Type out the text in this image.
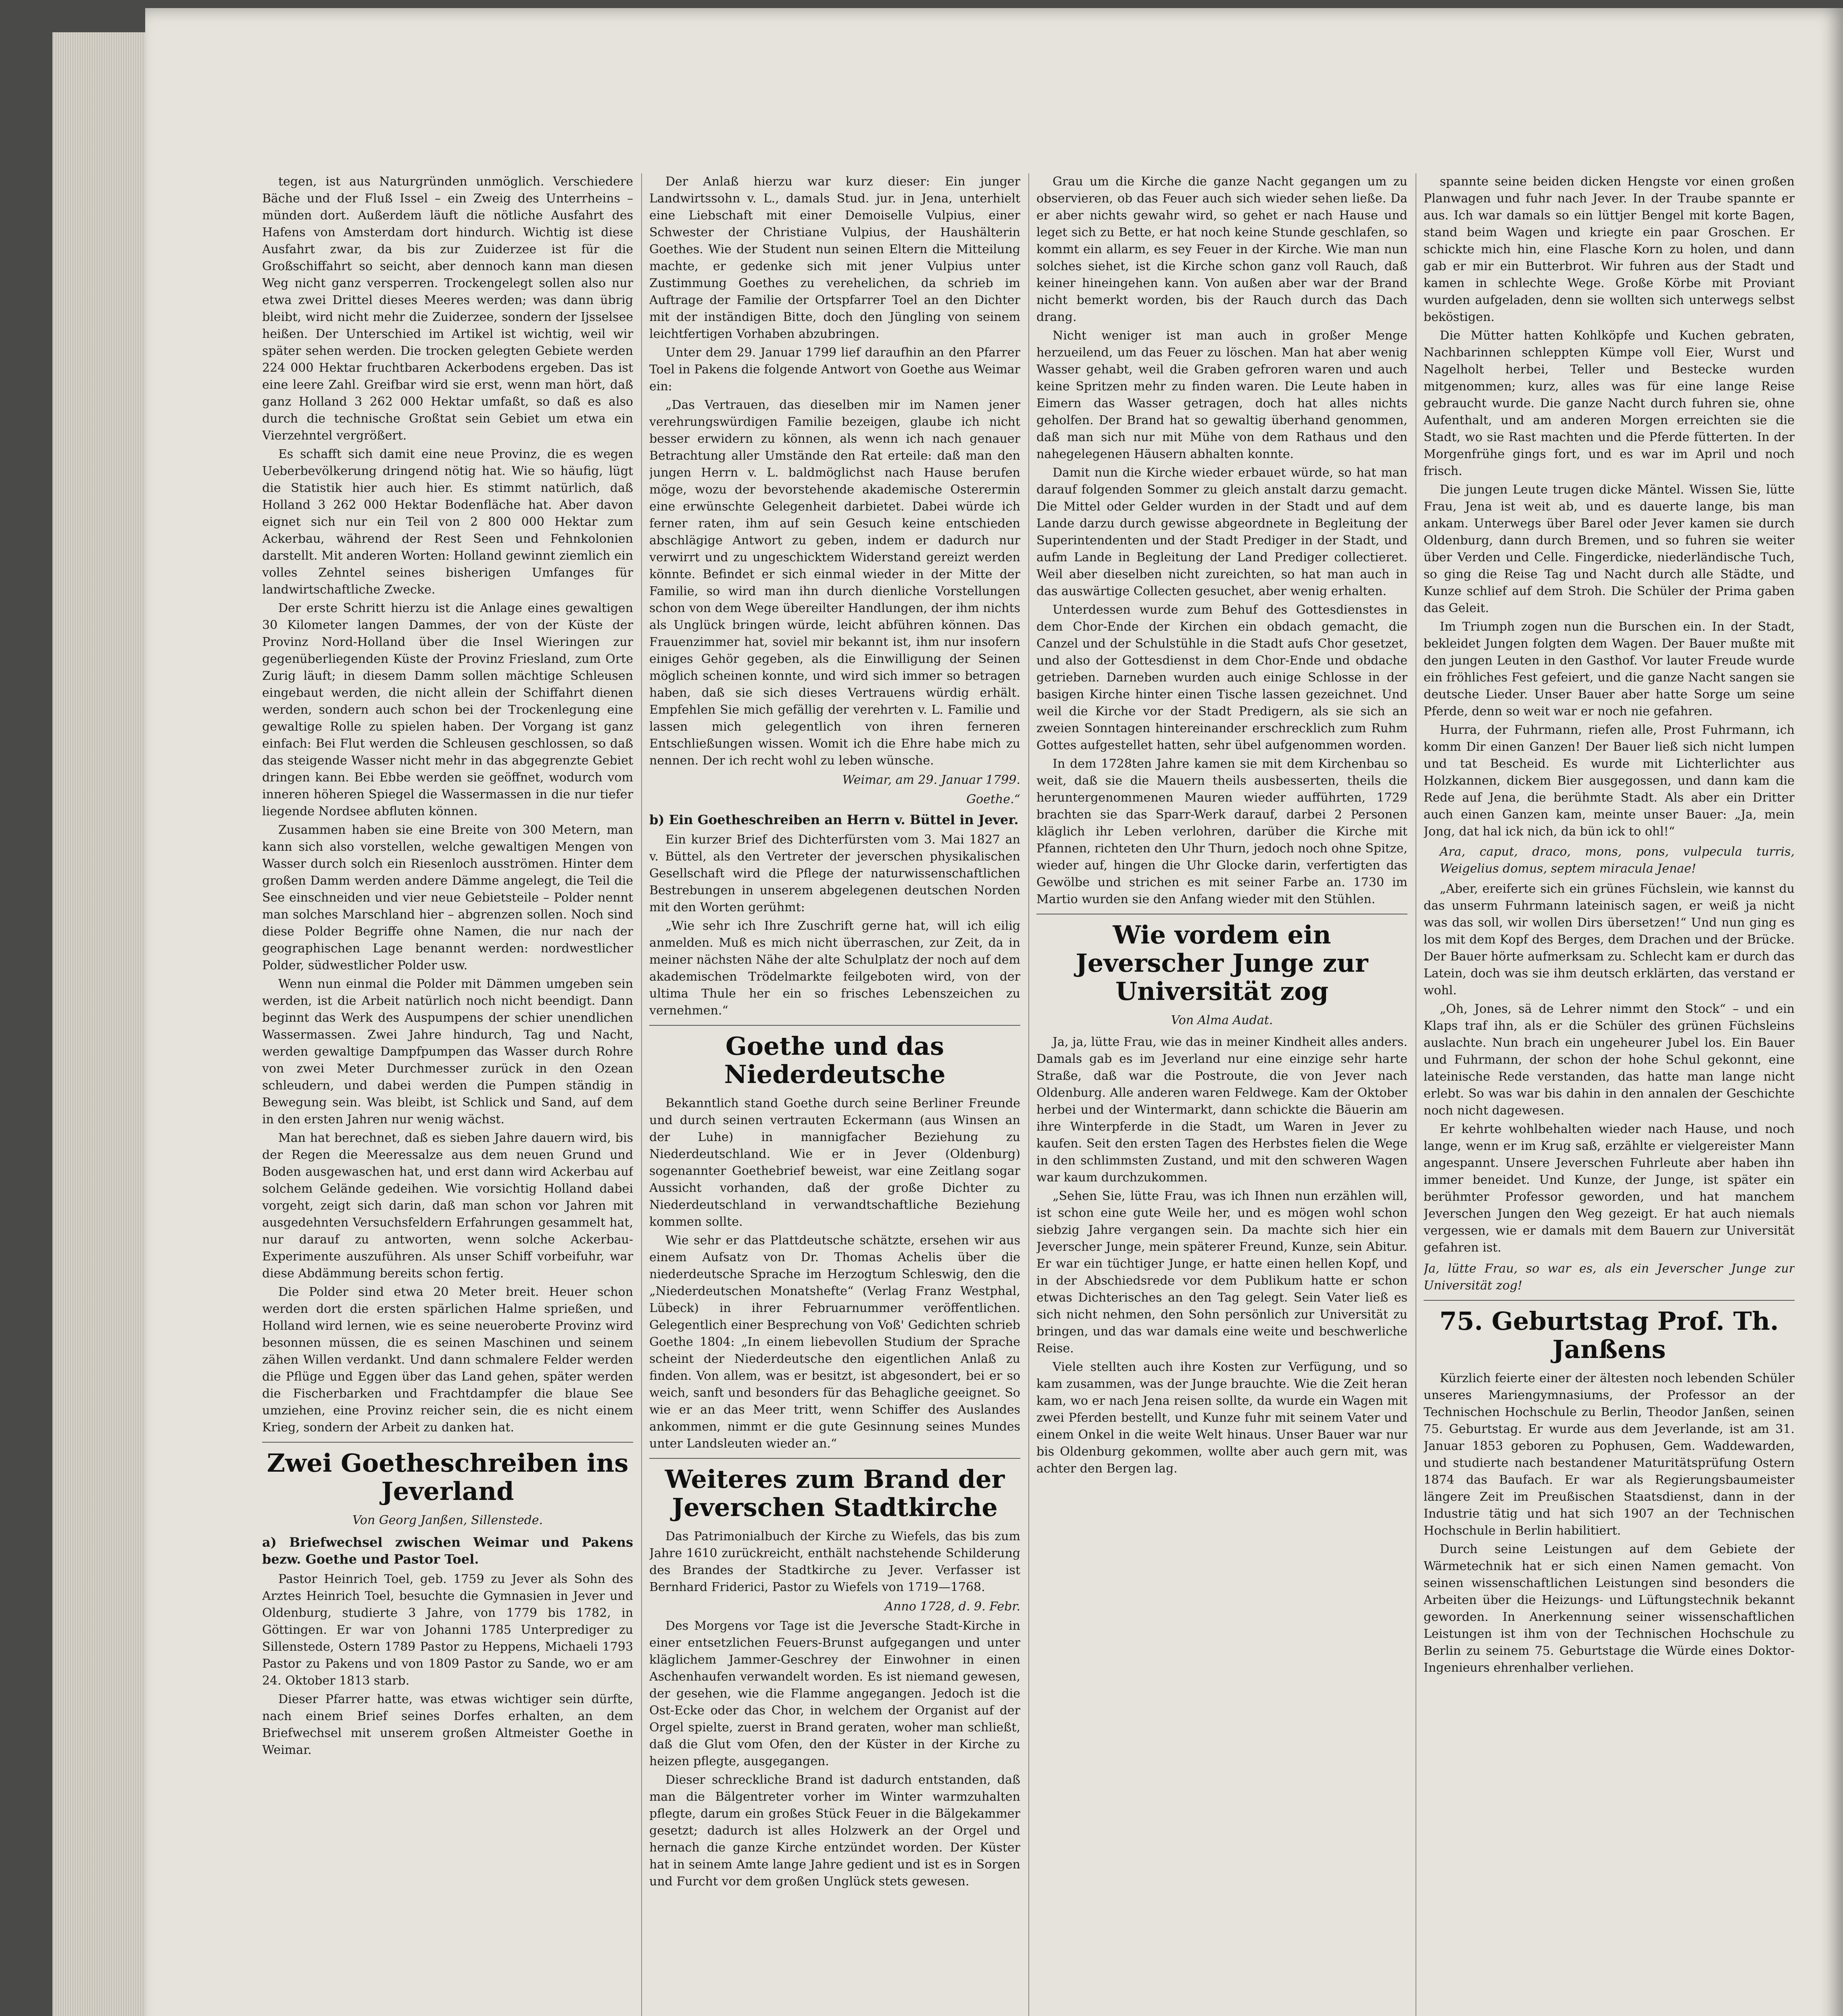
tegen, ist aus Naturgründen unmöglich. Verschiedere Bäche und der Fluß Issel – ein Zweig des Unterrheins – münden dort. Außerdem läuft die nötliche Ausfahrt des Hafens von Amsterdam dort hindurch. Wichtig ist diese Ausfahrt zwar, da bis zur Zuiderzee ist für die Großschiffahrt so seicht, aber dennoch kann man diesen Weg nicht ganz versperren. Trockengelegt sollen also nur etwa zwei Drittel dieses Meeres werden; was dann übrig bleibt, wird nicht mehr die Zuiderzee, sondern der Ijsselsee heißen. Der Unterschied im Artikel ist wichtig, weil wir später sehen werden. Die trocken gelegten Gebiete werden 224 000 Hektar fruchtbaren Ackerbodens ergeben. Das ist eine leere Zahl. Greifbar wird sie erst, wenn man hört, daß ganz Holland 3 262 000 Hektar umfaßt, so daß es also durch die technische Großtat sein Gebiet um etwa ein Vierzehntel vergrößert.

Es schafft sich damit eine neue Provinz, die es wegen Ueberbevölkerung dringend nötig hat. Wie so häufig, lügt die Statistik hier auch hier. Es stimmt natürlich, daß Holland 3 262 000 Hektar Bodenfläche hat. Aber davon eignet sich nur ein Teil von 2 800 000 Hektar zum Ackerbau, während der Rest Seen und Fehnkolonien darstellt. Mit anderen Worten: Holland gewinnt ziemlich ein volles Zehntel seines bisherigen Umfanges für landwirtschaftliche Zwecke.

Der erste Schritt hierzu ist die Anlage eines gewaltigen 30 Kilometer langen Dammes, der von der Küste der Provinz Nord-Holland über die Insel Wieringen zur gegenüberliegenden Küste der Provinz Friesland, zum Orte Zurig läuft; in diesem Damm sollen mächtige Schleusen eingebaut werden, die nicht allein der Schiffahrt dienen werden, sondern auch schon bei der Trockenlegung eine gewaltige Rolle zu spielen haben. Der Vorgang ist ganz einfach: Bei Flut werden die Schleusen geschlossen, so daß das steigende Wasser nicht mehr in das abgegrenzte Gebiet dringen kann. Bei Ebbe werden sie geöffnet, wodurch vom inneren höheren Spiegel die Wassermassen in die nur tiefer liegende Nordsee abfluten können.

Zusammen haben sie eine Breite von 300 Metern, man kann sich also vorstellen, welche gewaltigen Mengen von Wasser durch solch ein Riesenloch ausströmen. Hinter dem großen Damm werden andere Dämme angelegt, die Teil die See einschneiden und vier neue Gebietsteile – Polder nennt man solches Marschland hier – abgrenzen sollen. Noch sind diese Polder Begriffe ohne Namen, die nur nach der geographischen Lage benannt werden: nordwestlicher Polder, südwestlicher Polder usw.

Wenn nun einmal die Polder mit Dämmen umgeben sein werden, ist die Arbeit natürlich noch nicht beendigt. Dann beginnt das Werk des Auspumpens der schier unendlichen Wassermassen. Zwei Jahre hindurch, Tag und Nacht, werden gewaltige Dampfpumpen das Wasser durch Rohre von zwei Meter Durchmesser zurück in den Ozean schleudern, und dabei werden die Pumpen ständig in Bewegung sein. Was bleibt, ist Schlick und Sand, auf dem in den ersten Jahren nur wenig wächst.

Man hat berechnet, daß es sieben Jahre dauern wird, bis der Regen die Meeressalze aus dem neuen Grund und Boden ausgewaschen hat, und erst dann wird Ackerbau auf solchem Gelände gedeihen. Wie vorsichtig Holland dabei vorgeht, zeigt sich darin, daß man schon vor Jahren mit ausgedehnten Versuchsfeldern Erfahrungen gesammelt hat, nur darauf zu antworten, wenn solche Ackerbau-Experimente auszuführen. Als unser Schiff vorbeifuhr, war diese Abdämmung bereits schon fertig.

Die Polder sind etwa 20 Meter breit. Heuer schon werden dort die ersten spärlichen Halme sprießen, und Holland wird lernen, wie es seine neueroberte Provinz wird besonnen müssen, die es seinen Maschinen und seinem zähen Willen verdankt. Und dann schmalere Felder werden die Pflüge und Eggen über das Land gehen, später werden die Fischerbarken und Frachtdampfer die blaue See umziehen, eine Provinz reicher sein, die es nicht einem Krieg, sondern der Arbeit zu danken hat.

Zwei Goetheschreiben ins Jeverland
Von Georg Janßen, Sillenstede.
a) Briefwechsel zwischen Weimar und Pakens bezw. Goethe und Pastor Toel.

Pastor Heinrich Toel, geb. 1759 zu Jever als Sohn des Arztes Heinrich Toel, besuchte die Gymnasien in Jever und Oldenburg, studierte 3 Jahre, von 1779 bis 1782, in Göttingen. Er war von Johanni 1785 Unterprediger zu Sillenstede, Ostern 1789 Pastor zu Heppens, Michaeli 1793 Pastor zu Pakens und von 1809 Pastor zu Sande, wo er am 24. Oktober 1813 starb.

Dieser Pfarrer hatte, was etwas wichtiger sein dürfte, nach einem Brief seines Dorfes erhalten, an dem Briefwechsel mit unserem großen Altmeister Goethe in Weimar.

Der Anlaß hierzu war kurz dieser: Ein junger Landwirtssohn v. L., damals Stud. jur. in Jena, unterhielt eine Liebschaft mit einer Demoiselle Vulpius, einer Schwester der Christiane Vulpius, der Haushälterin Goethes. Wie der Student nun seinen Eltern die Mitteilung machte, er gedenke sich mit jener Vulpius unter Zustimmung Goethes zu verehelichen, da schrieb im Auftrage der Familie der Ortspfarrer Toel an den Dichter mit der inständigen Bitte, doch den Jüngling von seinem leichtfertigen Vorhaben abzubringen.

Unter dem 29. Januar 1799 lief daraufhin an den Pfarrer Toel in Pakens die folgende Antwort von Goethe aus Weimar ein:

„Das Vertrauen, das dieselben mir im Namen jener verehrungswürdigen Familie bezeigen, glaube ich nicht besser erwidern zu können, als wenn ich nach genauer Betrachtung aller Umstände den Rat erteile: daß man den jungen Herrn v. L. baldmöglichst nach Hause berufen möge, wozu der bevorstehende akademische Osterermin eine erwünschte Gelegenheit darbietet. Dabei würde ich ferner raten, ihm auf sein Gesuch keine entschieden abschlägige Antwort zu geben, indem er dadurch nur verwirrt und zu ungeschicktem Widerstand gereizt werden könnte. Befindet er sich einmal wieder in der Mitte der Familie, so wird man ihn durch dienliche Vorstellungen schon von dem Wege übereilter Handlungen, der ihm nichts als Unglück bringen würde, leicht abführen können. Das Frauenzimmer hat, soviel mir bekannt ist, ihm nur insofern einiges Gehör gegeben, als die Einwilligung der Seinen möglich scheinen konnte, und wird sich immer so betragen haben, daß sie sich dieses Vertrauens würdig erhält. Empfehlen Sie mich gefällig der verehrten v. L. Familie und lassen mich gelegentlich von ihren ferneren Entschließungen wissen. Womit ich die Ehre habe mich zu nennen. Der ich recht wohl zu leben wünsche.

Weimar, am 29. Januar 1799.
Goethe.“
b) Ein Goetheschreiben an Herrn v. Büttel in Jever.

Ein kurzer Brief des Dichterfürsten vom 3. Mai 1827 an v. Büttel, als den Vertreter der jeverschen physikalischen Gesellschaft wird die Pflege der naturwissenschaftlichen Bestrebungen in unserem abgelegenen deutschen Norden mit den Worten gerühmt:

„Wie sehr ich Ihre Zuschrift gerne hat, will ich eilig anmelden. Muß es mich nicht überraschen, zur Zeit, da in meiner nächsten Nähe der alte Schulplatz der noch auf dem akademischen Trödelmarkte feilgeboten wird, von der ultima Thule her ein so frisches Lebenszeichen zu vernehmen.“

Goethe und das Niederdeutsche

Bekanntlich stand Goethe durch seine Berliner Freunde und durch seinen vertrauten Eckermann (aus Winsen an der Luhe) in mannigfacher Beziehung zu Niederdeutschland. Wie er in Jever (Oldenburg) sogenannter Goethebrief beweist, war eine Zeitlang sogar Aussicht vorhanden, daß der große Dichter zu Niederdeutschland in verwandtschaftliche Beziehung kommen sollte.

Wie sehr er das Plattdeutsche schätzte, ersehen wir aus einem Aufsatz von Dr. Thomas Achelis über die niederdeutsche Sprache im Herzogtum Schleswig, den die „Niederdeutschen Monatshefte“ (Verlag Franz Westphal, Lübeck) in ihrer Februarnummer veröffentlichen. Gelegentlich einer Besprechung von Voß' Gedichten schrieb Goethe 1804: „In einem liebevollen Studium der Sprache scheint der Niederdeutsche den eigentlichen Anlaß zu finden. Von allem, was er besitzt, ist abgesondert, bei er so weich, sanft und besonders für das Behagliche geeignet. So wie er an das Meer tritt, wenn Schiffer des Auslandes ankommen, nimmt er die gute Gesinnung seines Mundes unter Landsleuten wieder an.“

Weiteres zum Brand der Jeverschen Stadtkirche

Das Patrimonialbuch der Kirche zu Wiefels, das bis zum Jahre 1610 zurückreicht, enthält nachstehende Schilderung des Brandes der Stadtkirche zu Jever. Verfasser ist Bernhard Friderici, Pastor zu Wiefels von 1719—1768.

Anno 1728, d. 9. Febr.

Des Morgens vor Tage ist die Jeversche Stadt-Kirche in einer entsetzlichen Feuers-Brunst aufgegangen und unter kläglichem Jammer-Geschrey der Einwohner in einen Aschenhaufen verwandelt worden. Es ist niemand gewesen, der gesehen, wie die Flamme angegangen. Jedoch ist die Ost-Ecke oder das Chor, in welchem der Organist auf der Orgel spielte, zuerst in Brand geraten, woher man schließt, daß die Glut vom Ofen, den der Küster in der Kirche zu heizen pflegte, ausgegangen.

Dieser schreckliche Brand ist dadurch entstanden, daß man die Bälgentreter vorher im Winter warmzuhalten pflegte, darum ein großes Stück Feuer in die Bälgekammer gesetzt; dadurch ist alles Holzwerk an der Orgel und hernach die ganze Kirche entzündet worden. Der Küster hat in seinem Amte lange Jahre gedient und ist es in Sorgen und Furcht vor dem großen Unglück stets gewesen.

Grau um die Kirche die ganze Nacht gegangen um zu observieren, ob das Feuer auch sich wieder sehen ließe. Da er aber nichts gewahr wird, so gehet er nach Hause und leget sich zu Bette, er hat noch keine Stunde geschlafen, so kommt ein allarm, es sey Feuer in der Kirche. Wie man nun solches siehet, ist die Kirche schon ganz voll Rauch, daß keiner hineingehen kann. Von außen aber war der Brand nicht bemerkt worden, bis der Rauch durch das Dach drang.

Nicht weniger ist man auch in großer Menge herzueilend, um das Feuer zu löschen. Man hat aber wenig Wasser gehabt, weil die Graben gefroren waren und auch keine Spritzen mehr zu finden waren. Die Leute haben in Eimern das Wasser getragen, doch hat alles nichts geholfen. Der Brand hat so gewaltig überhand genommen, daß man sich nur mit Mühe von dem Rathaus und den nahegelegenen Häusern abhalten konnte.

Damit nun die Kirche wieder erbauet würde, so hat man darauf folgenden Sommer zu gleich anstalt darzu gemacht. Die Mittel oder Gelder wurden in der Stadt und auf dem Lande darzu durch gewisse abgeordnete in Begleitung der Superintendenten und der Stadt Prediger in der Stadt, und aufm Lande in Begleitung der Land Prediger collectieret. Weil aber dieselben nicht zureichten, so hat man auch in das auswärtige Collecten gesuchet, aber wenig erhalten.

Unterdessen wurde zum Behuf des Gottesdienstes in dem Chor-Ende der Kirchen ein obdach gemacht, die Canzel und der Schulstühle in die Stadt aufs Chor gesetzet, und also der Gottesdienst in dem Chor-Ende und obdache getrieben. Darneben wurden auch einige Schlosse in der basigen Kirche hinter einen Tische lassen gezeichnet. Und weil die Kirche vor der Stadt Predigern, als sie sich an zweien Sonntagen hintereinander erschrecklich zum Ruhm Gottes aufgestellet hatten, sehr übel aufgenommen worden.

In dem 1728ten Jahre kamen sie mit dem Kirchenbau so weit, daß sie die Mauern theils ausbesserten, theils die heruntergenommenen Mauren wieder aufführten, 1729 brachten sie das Sparr-Werk darauf, darbei 2 Personen kläglich ihr Leben verlohren, darüber die Kirche mit Pfannen, richteten den Uhr Thurn, jedoch noch ohne Spitze, wieder auf, hingen die Uhr Glocke darin, verfertigten das Gewölbe und strichen es mit seiner Farbe an. 1730 im Martio wurden sie den Anfang wieder mit den Stühlen.

Wie vordem ein Jeverscher Junge zur Universität zog
Von Alma Audat.

Ja, ja, lütte Frau, wie das in meiner Kindheit alles anders. Damals gab es im Jeverland nur eine einzige sehr harte Straße, daß war die Postroute, die von Jever nach Oldenburg. Alle anderen waren Feldwege. Kam der Oktober herbei und der Wintermarkt, dann schickte die Bäuerin am ihre Winterpferde in die Stadt, um Waren in Jever zu kaufen. Seit den ersten Tagen des Herbstes fielen die Wege in den schlimmsten Zustand, und mit den schweren Wagen war kaum durchzukommen.

„Sehen Sie, lütte Frau, was ich Ihnen nun erzählen will, ist schon eine gute Weile her, und es mögen wohl schon siebzig Jahre vergangen sein. Da machte sich hier ein Jeverscher Junge, mein späterer Freund, Kunze, sein Abitur. Er war ein tüchtiger Junge, er hatte einen hellen Kopf, und in der Abschiedsrede vor dem Publikum hatte er schon etwas Dichterisches an den Tag gelegt. Sein Vater ließ es sich nicht nehmen, den Sohn persönlich zur Universität zu bringen, und das war damals eine weite und beschwerliche Reise.

Viele stellten auch ihre Kosten zur Verfügung, und so kam zusammen, was der Junge brauchte. Wie die Zeit heran kam, wo er nach Jena reisen sollte, da wurde ein Wagen mit zwei Pferden bestellt, und Kunze fuhr mit seinem Vater und einem Onkel in die weite Welt hinaus. Unser Bauer war nur bis Oldenburg gekommen, wollte aber auch gern mit, was achter den Bergen lag.

spannte seine beiden dicken Hengste vor einen großen Planwagen und fuhr nach Jever. In der Traube spannte er aus. Ich war damals so ein lüttjer Bengel mit korte Bagen, stand beim Wagen und kriegte ein paar Groschen. Er schickte mich hin, eine Flasche Korn zu holen, und dann gab er mir ein Butterbrot. Wir fuhren aus der Stadt und kamen in schlechte Wege. Große Körbe mit Proviant wurden aufgeladen, denn sie wollten sich unterwegs selbst beköstigen.

Die Mütter hatten Kohlköpfe und Kuchen gebraten, Nachbarinnen schleppten Kümpe voll Eier, Wurst und Nagelholt herbei, Teller und Bestecke wurden mitgenommen; kurz, alles was für eine lange Reise gebraucht wurde. Die ganze Nacht durch fuhren sie, ohne Aufenthalt, und am anderen Morgen erreichten sie die Stadt, wo sie Rast machten und die Pferde fütterten. In der Morgenfrühe gings fort, und es war im April und noch frisch.

Die jungen Leute trugen dicke Mäntel. Wissen Sie, lütte Frau, Jena ist weit ab, und es dauerte lange, bis man ankam. Unterwegs über Barel oder Jever kamen sie durch Oldenburg, dann durch Bremen, und so fuhren sie weiter über Verden und Celle. Fingerdicke, niederländische Tuch, so ging die Reise Tag und Nacht durch alle Städte, und Kunze schlief auf dem Stroh. Die Schüler der Prima gaben das Geleit.

Im Triumph zogen nun die Burschen ein. In der Stadt, bekleidet Jungen folgten dem Wagen. Der Bauer mußte mit den jungen Leuten in den Gasthof. Vor lauter Freude wurde ein fröhliches Fest gefeiert, und die ganze Nacht sangen sie deutsche Lieder. Unser Bauer aber hatte Sorge um seine Pferde, denn so weit war er noch nie gefahren.

Hurra, der Fuhrmann, riefen alle, Prost Fuhrmann, ich komm Dir einen Ganzen! Der Bauer ließ sich nicht lumpen und tat Bescheid. Es wurde mit Lichterlichter aus Holzkannen, dickem Bier ausgegossen, und dann kam die Rede auf Jena, die berühmte Stadt. Als aber ein Dritter auch einen Ganzen kam, meinte unser Bauer: „Ja, mein Jong, dat hal ick nich, da bün ick to ohl!“

Ara, caput, draco, mons, pons, vulpecula turris, Weigelius domus, septem miracula Jenae!

„Aber, ereiferte sich ein grünes Füchslein, wie kannst du das unserm Fuhrmann lateinisch sagen, er weiß ja nicht was das soll, wir wollen Dirs übersetzen!“ Und nun ging es los mit dem Kopf des Berges, dem Drachen und der Brücke. Der Bauer hörte aufmerksam zu. Schlecht kam er durch das Latein, doch was sie ihm deutsch erklärten, das verstand er wohl.

„Oh, Jones, sä de Lehrer nimmt den Stock“ – und ein Klaps traf ihn, als er die Schüler des grünen Füchsleins auslachte. Nun brach ein ungeheurer Jubel los. Ein Bauer und Fuhrmann, der schon der hohe Schul gekonnt, eine lateinische Rede verstanden, das hatte man lange nicht erlebt. So was war bis dahin in den annalen der Geschichte noch nicht dagewesen.

Er kehrte wohlbehalten wieder nach Hause, und noch lange, wenn er im Krug saß, erzählte er vielgereister Mann angespannt. Unsere Jeverschen Fuhrleute aber haben ihn immer beneidet. Und Kunze, der Junge, ist später ein berühmter Professor geworden, und hat manchem Jeverschen Jungen den Weg gezeigt. Er hat auch niemals vergessen, wie er damals mit dem Bauern zur Universität gefahren ist.

Ja, lütte Frau, so war es, als ein Jeverscher Junge zur Universität zog!
75. Geburtstag Prof. Th. Janßens

Kürzlich feierte einer der ältesten noch lebenden Schüler unseres Mariengymnasiums, der Professor an der Technischen Hochschule zu Berlin, Theodor Janßen, seinen 75. Geburtstag. Er wurde aus dem Jeverlande, ist am 31. Januar 1853 geboren zu Pophusen, Gem. Waddewarden, und studierte nach bestandener Maturitätsprüfung Ostern 1874 das Baufach. Er war als Regierungsbaumeister längere Zeit im Preußischen Staatsdienst, dann in der Industrie tätig und hat sich 1907 an der Technischen Hochschule in Berlin habilitiert.

Durch seine Leistungen auf dem Gebiete der Wärmetechnik hat er sich einen Namen gemacht. Von seinen wissenschaftlichen Leistungen sind besonders die Arbeiten über die Heizungs- und Lüftungstechnik bekannt geworden. In Anerkennung seiner wissenschaftlichen Leistungen ist ihm von der Technischen Hochschule zu Berlin zu seinem 75. Geburtstage die Würde eines Doktor-Ingenieurs ehrenhalber verliehen.
